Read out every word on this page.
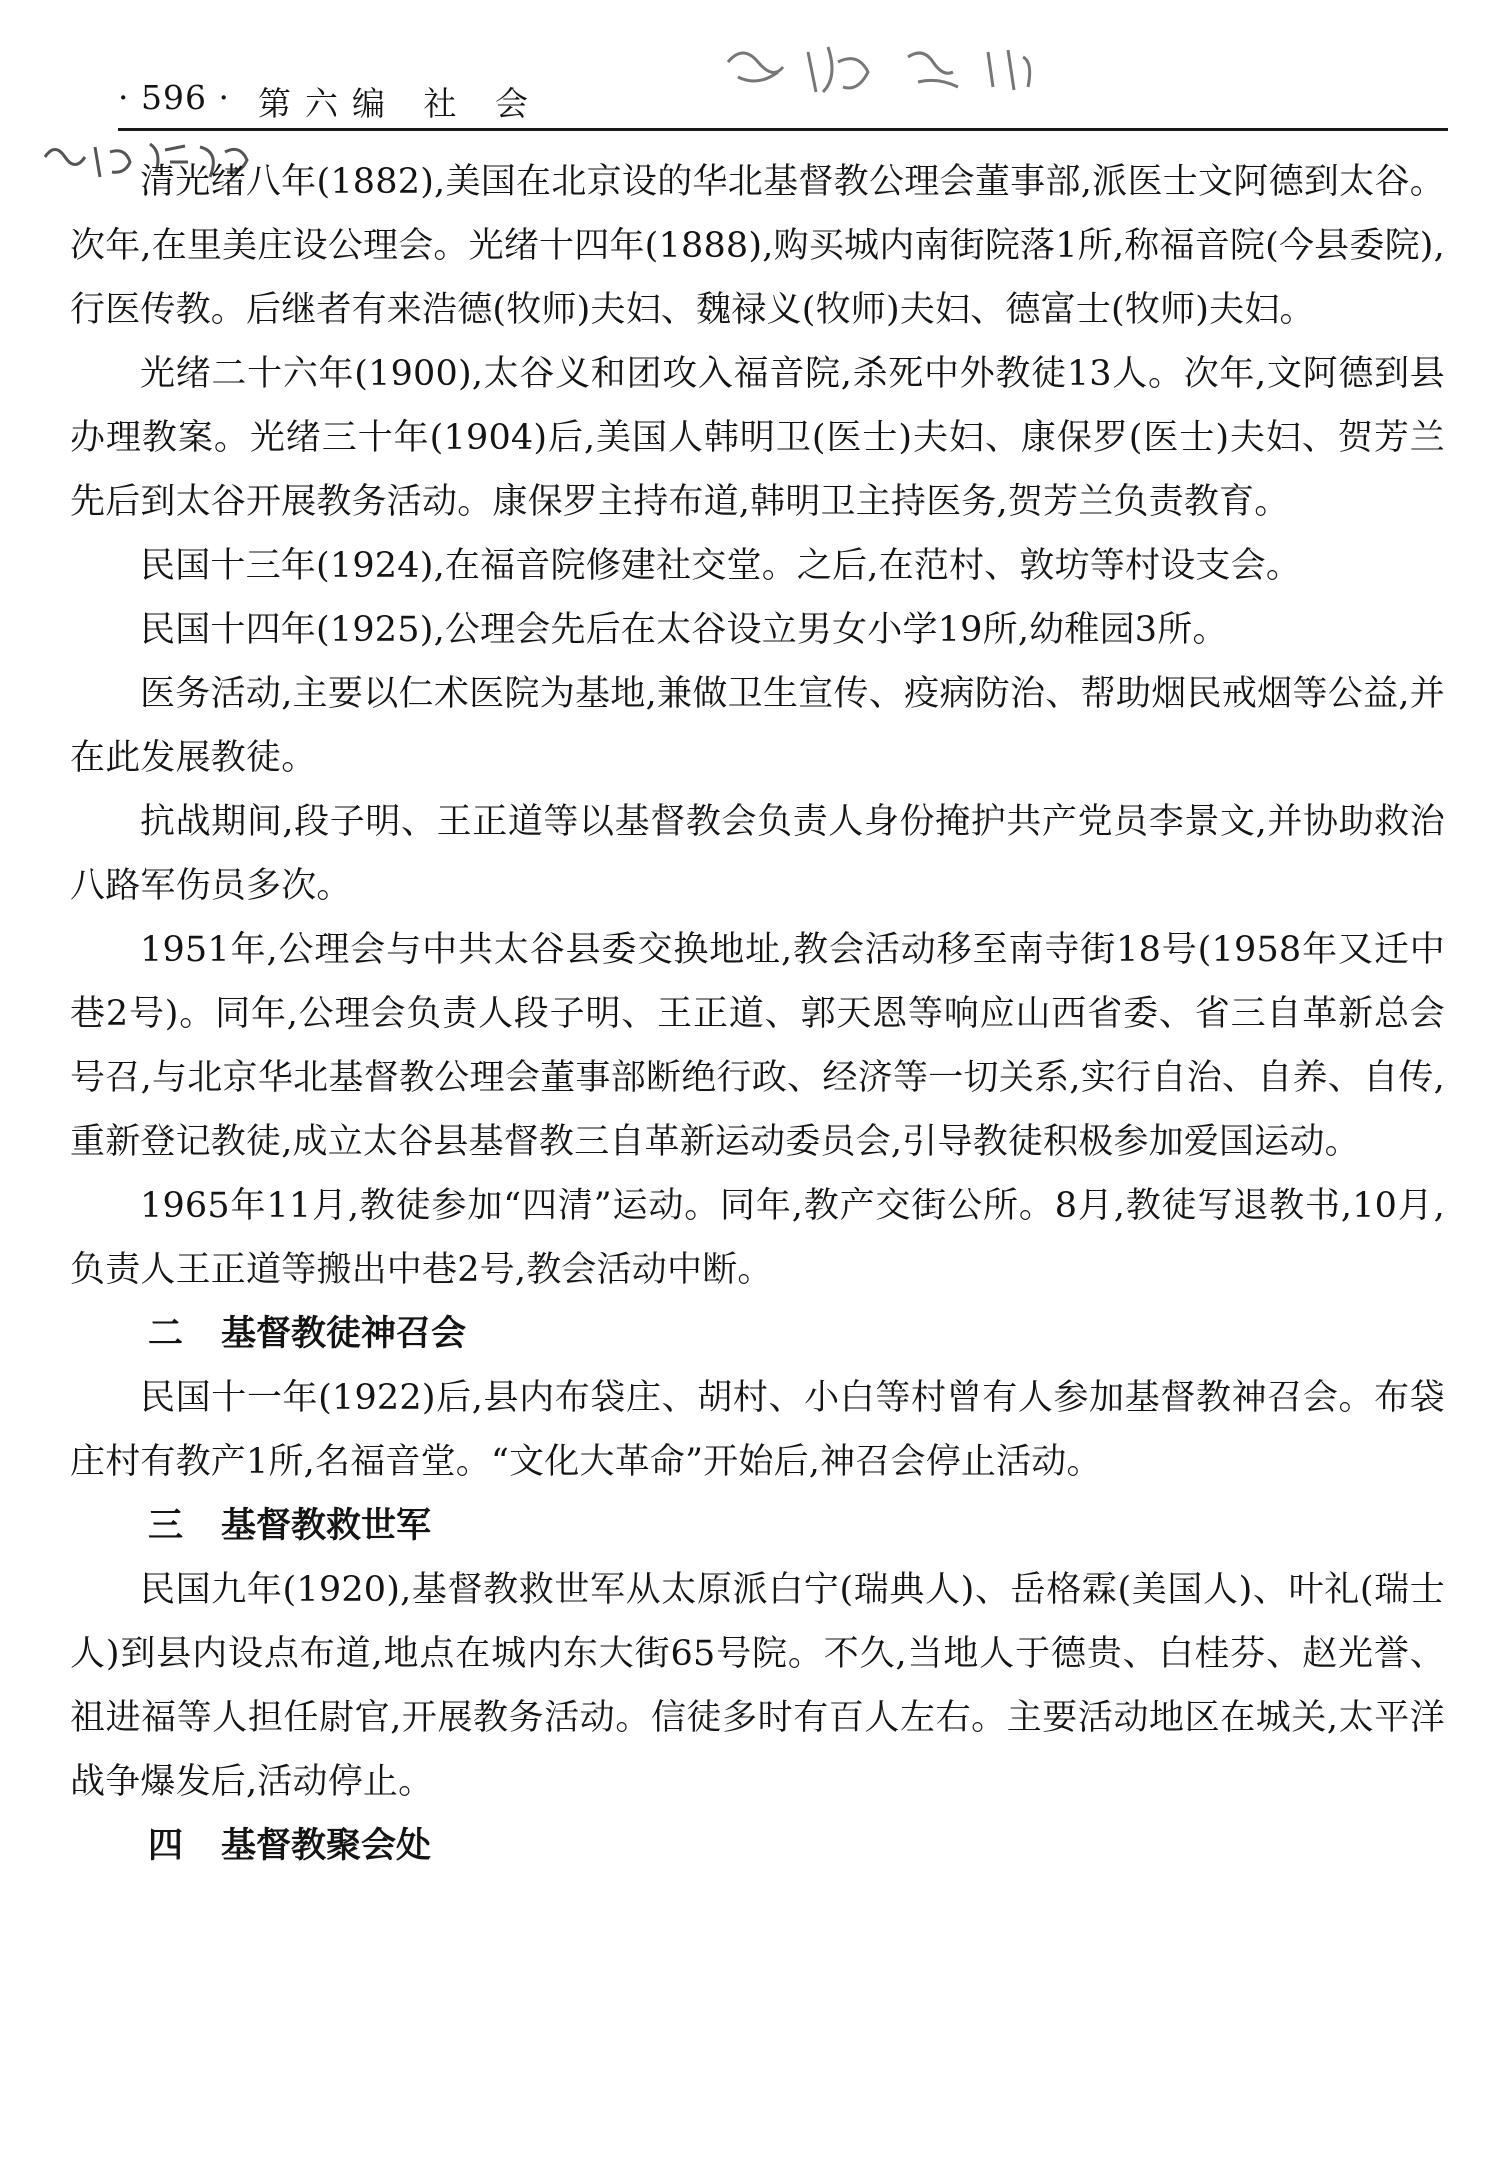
· 596 · 第六编 社 会

清光绪八年(1882),美国在北京设的华北基督教公理会董事部,派医士文阿德到太谷。次年,在里美庄设公理会。光绪十四年(1888),购买城内南街院落1所,称福音院(今县委院),行医传教。后继者有来浩德(牧师)夫妇、魏禄义(牧师)夫妇、德富士(牧师)夫妇。

光绪二十六年(1900),太谷义和团攻入福音院,杀死中外教徒13人。次年,文阿德到县办理教案。光绪三十年(1904)后,美国人韩明卫(医士)夫妇、康保罗(医士)夫妇、贺芳兰先后到太谷开展教务活动。康保罗主持布道,韩明卫主持医务,贺芳兰负责教育。

民国十三年(1924),在福音院修建社交堂。之后,在范村、敦坊等村设支会。

民国十四年(1925),公理会先后在太谷设立男女小学19所,幼稚园3所。

医务活动,主要以仁术医院为基地,兼做卫生宣传、疫病防治、帮助烟民戒烟等公益,并在此发展教徒。

抗战期间,段子明、王正道等以基督教会负责人身份掩护共产党员李景文,并协助救治八路军伤员多次。

1951年,公理会与中共太谷县委交换地址,教会活动移至南寺街18号(1958年又迁中巷2号)。同年,公理会负责人段子明、王正道、郭天恩等响应山西省委、省三自革新总会号召,与北京华北基督教公理会董事部断绝行政、经济等一切关系,实行自治、自养、自传,重新登记教徒,成立太谷县基督教三自革新运动委员会,引导教徒积极参加爱国运动。

1965年11月,教徒参加“四清”运动。同年,教产交街公所。8月,教徒写退教书,10月,负责人王正道等搬出中巷2号,教会活动中断。

二 基督教徒神召会

民国十一年(1922)后,县内布袋庄、胡村、小白等村曾有人参加基督教神召会。布袋庄村有教产1所,名福音堂。“文化大革命”开始后,神召会停止活动。

三 基督教救世军

民国九年(1920),基督教救世军从太原派白宁(瑞典人)、岳格霖(美国人)、叶礼(瑞士人)到县内设点布道,地点在城内东大街65号院。不久,当地人于德贵、白桂芬、赵光誉、祖进福等人担任尉官,开展教务活动。信徒多时有百人左右。主要活动地区在城关,太平洋战争爆发后,活动停止。

四 基督教聚会处
